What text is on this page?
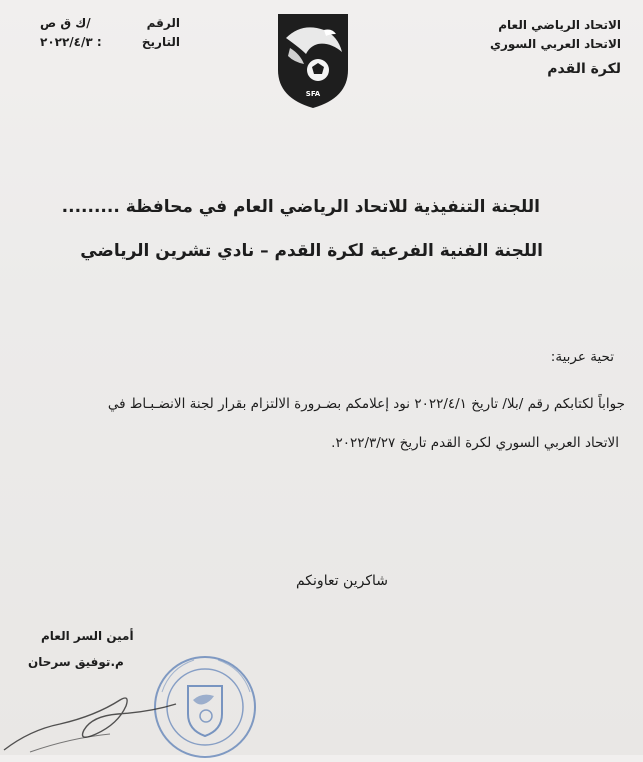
الاتحاد الرياضي العام
الاتحاد العربي السوري
لكرة القدم
الرقم
/ك ق ص
التاريخ
: ٢٠٢٢/٤/٣
SFA
اللجنة التنفيذية للاتحاد الرياضي العام في محافظة .........
اللجنة الفنية الفرعية لكرة القدم – نادي تشرين الرياضي
تحية عربية:
جواباً لكتابكم رقم /بلا/ تاريخ ٢٠٢٢/٤/١ نود إعلامكم بضـرورة الالتزام بقرار لجنة الانضـبـاط في
الاتحاد العربي السوري لكرة القدم تاريخ ٢٠٢٢/٣/٢٧.
شاكرين تعاونكم
أمين السر العام
م.توفيق سرحان
